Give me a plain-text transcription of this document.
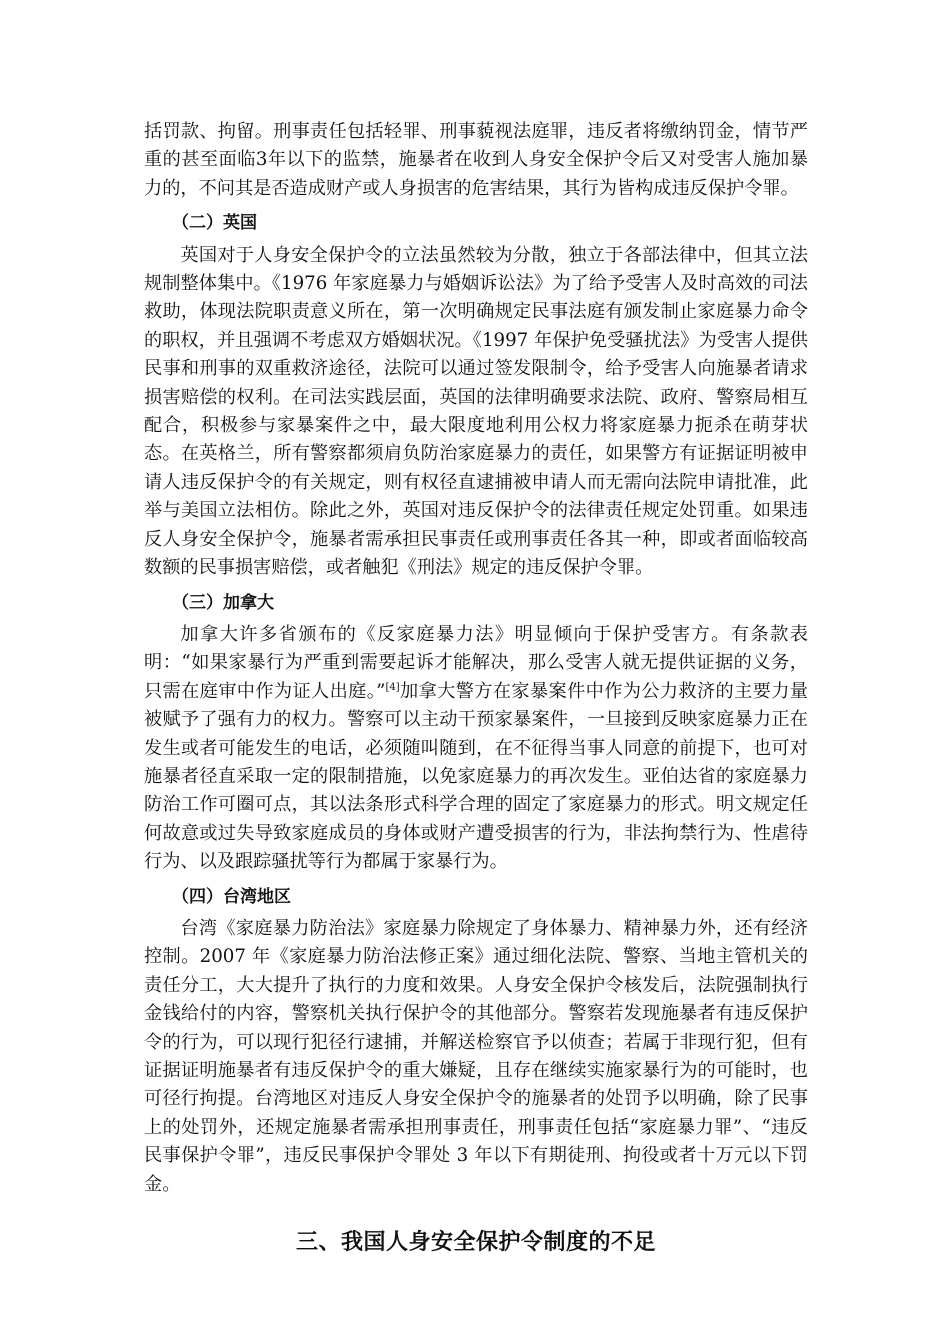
括罚款、拘留。刑事责任包括轻罪、刑事藐视法庭罪，违反者将缴纳罚金，情节严重的甚至面临3年以下的监禁，施暴者在收到人身安全保护令后又对受害人施加暴力的，不问其是否造成财产或人身损害的危害结果，其行为皆构成违反保护令罪。

（二）英国

英国对于人身安全保护令的立法虽然较为分散，独立于各部法律中，但其立法规制整体集中。《1976 年家庭暴力与婚姻诉讼法》为了给予受害人及时高效的司法救助，体现法院职责意义所在，第一次明确规定民事法庭有颁发制止家庭暴力命令的职权，并且强调不考虑双方婚姻状况。《1997 年保护免受骚扰法》为受害人提供民事和刑事的双重救济途径，法院可以通过签发限制令，给予受害人向施暴者请求损害赔偿的权利。在司法实践层面，英国的法律明确要求法院、政府、警察局相互配合，积极参与家暴案件之中，最大限度地利用公权力将家庭暴力扼杀在萌芽状态。在英格兰，所有警察都须肩负防治家庭暴力的责任，如果警方有证据证明被申请人违反保护令的有关规定，则有权径直逮捕被申请人而无需向法院申请批准，此举与美国立法相仿。除此之外，英国对违反保护令的法律责任规定处罚重。如果违反人身安全保护令，施暴者需承担民事责任或刑事责任各其一种，即或者面临较高数额的民事损害赔偿，或者触犯《刑法》规定的违反保护令罪。

（三）加拿大

加拿大许多省颁布的《反家庭暴力法》明显倾向于保护受害方。有条款表明：“如果家暴行为严重到需要起诉才能解决，那么受害人就无提供证据的义务，只需在庭审中作为证人出庭。”[4]加拿大警方在家暴案件中作为公力救济的主要力量被赋予了强有力的权力。警察可以主动干预家暴案件，一旦接到反映家庭暴力正在发生或者可能发生的电话，必须随叫随到，在不征得当事人同意的前提下，也可对施暴者径直采取一定的限制措施，以免家庭暴力的再次发生。亚伯达省的家庭暴力防治工作可圈可点，其以法条形式科学合理的固定了家庭暴力的形式。明文规定任何故意或过失导致家庭成员的身体或财产遭受损害的行为，非法拘禁行为、性虐待行为、以及跟踪骚扰等行为都属于家暴行为。

（四）台湾地区

台湾《家庭暴力防治法》家庭暴力除规定了身体暴力、精神暴力外，还有经济控制。2007 年《家庭暴力防治法修正案》通过细化法院、警察、当地主管机关的责任分工，大大提升了执行的力度和效果。人身安全保护令核发后，法院强制执行金钱给付的内容，警察机关执行保护令的其他部分。警察若发现施暴者有违反保护令的行为，可以现行犯径行逮捕，并解送检察官予以侦查；若属于非现行犯，但有证据证明施暴者有违反保护令的重大嫌疑，且存在继续实施家暴行为的可能时，也可径行拘提。台湾地区对违反人身安全保护令的施暴者的处罚予以明确，除了民事上的处罚外，还规定施暴者需承担刑事责任，刑事责任包括“家庭暴力罪”、“违反民事保护令罪”，违反民事保护令罪处 3 年以下有期徒刑、拘役或者十万元以下罚金。

三、我国人身安全保护令制度的不足
